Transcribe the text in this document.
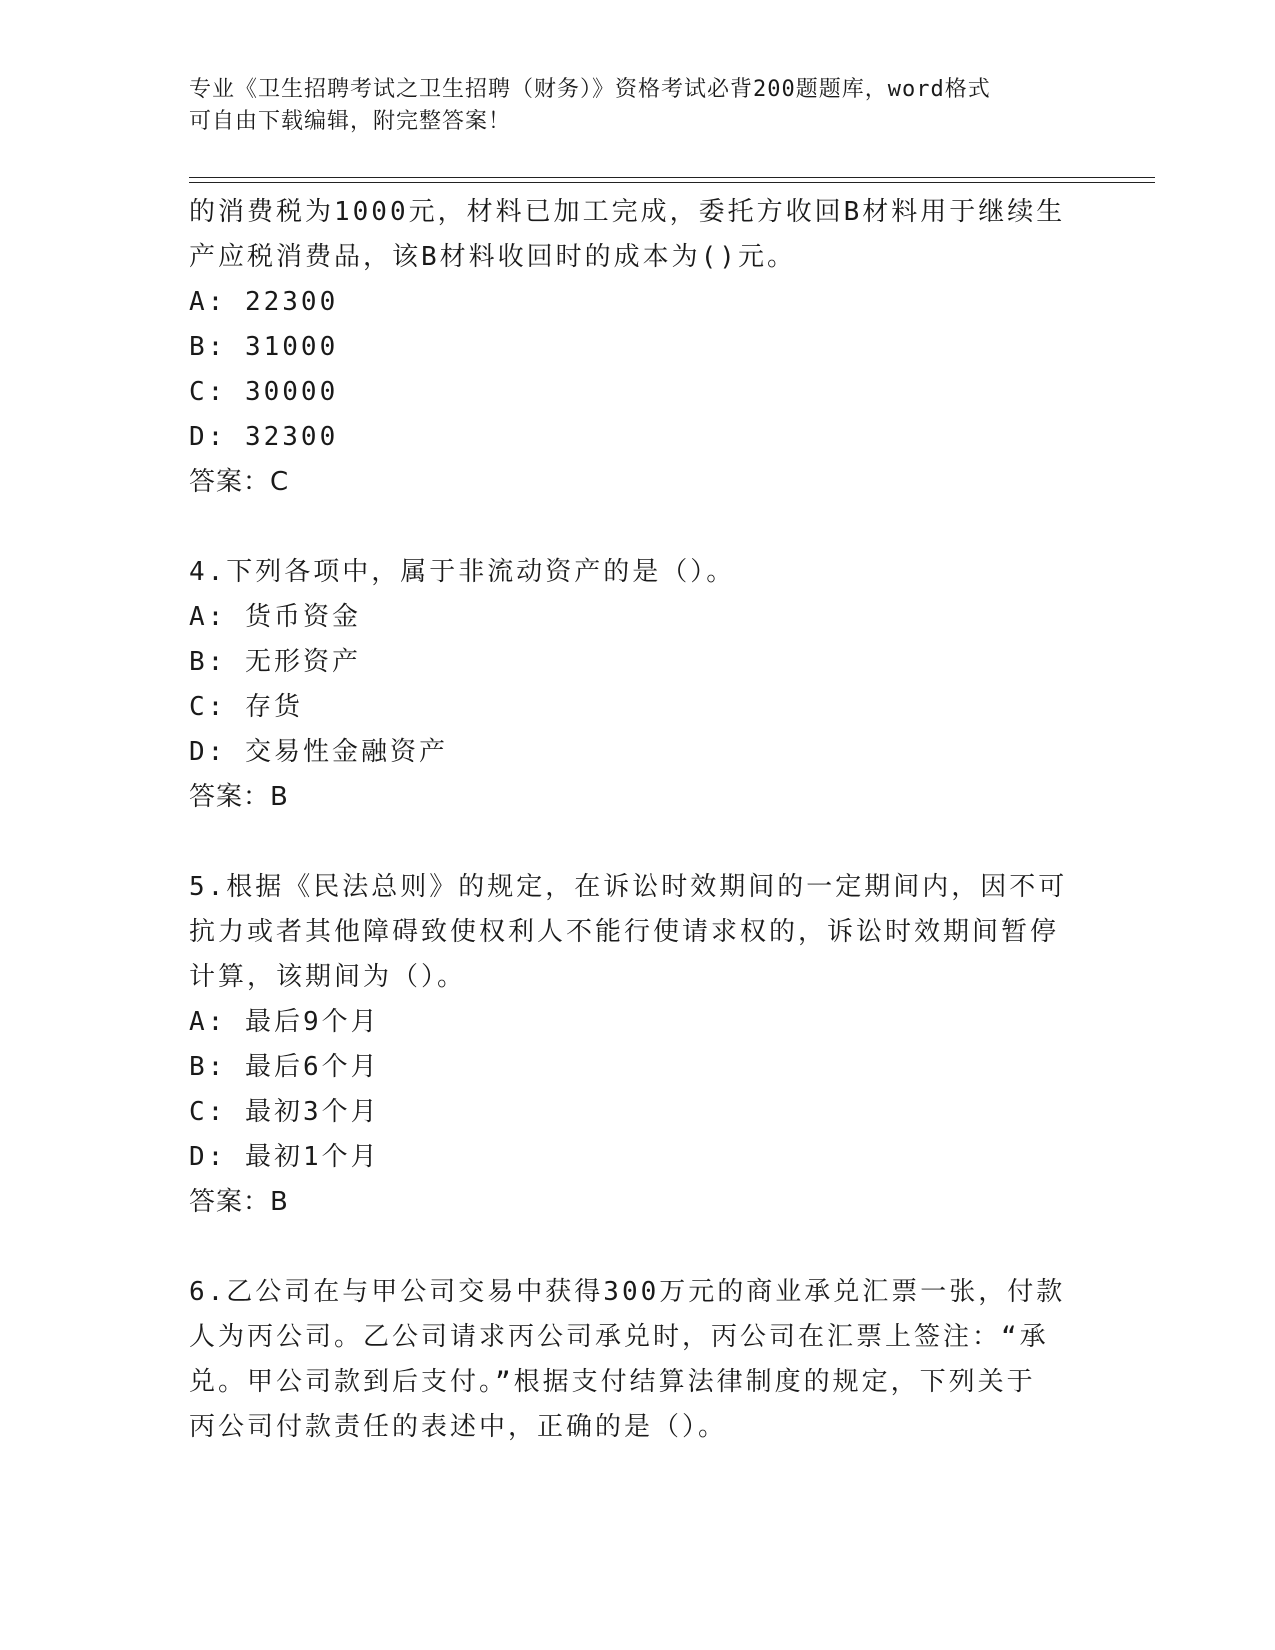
专业《卫生招聘考试之卫生招聘（财务）》资格考试必背200题题库，word格式
可自由下载编辑，附完整答案！
的消费税为1000元，材料已加工完成，委托方收回B材料用于继续生
产应税消费品，该B材料收回时的成本为()元。
A: 22300
B: 31000
C: 30000
D: 32300
答案：C
4.下列各项中，属于非流动资产的是（）。
A: 货币资金
B: 无形资产
C: 存货
D: 交易性金融资产
答案：B
5.根据《民法总则》的规定，在诉讼时效期间的一定期间内，因不可
抗力或者其他障碍致使权利人不能行使请求权的，诉讼时效期间暂停
计算，该期间为（）。
A: 最后9个月
B: 最后6个月
C: 最初3个月
D: 最初1个月
答案：B
6.乙公司在与甲公司交易中获得300万元的商业承兑汇票一张，付款
人为丙公司。乙公司请求丙公司承兑时，丙公司在汇票上签注：“承
兑。甲公司款到后支付。”根据支付结算法律制度的规定，下列关于
丙公司付款责任的表述中，正确的是（）。
